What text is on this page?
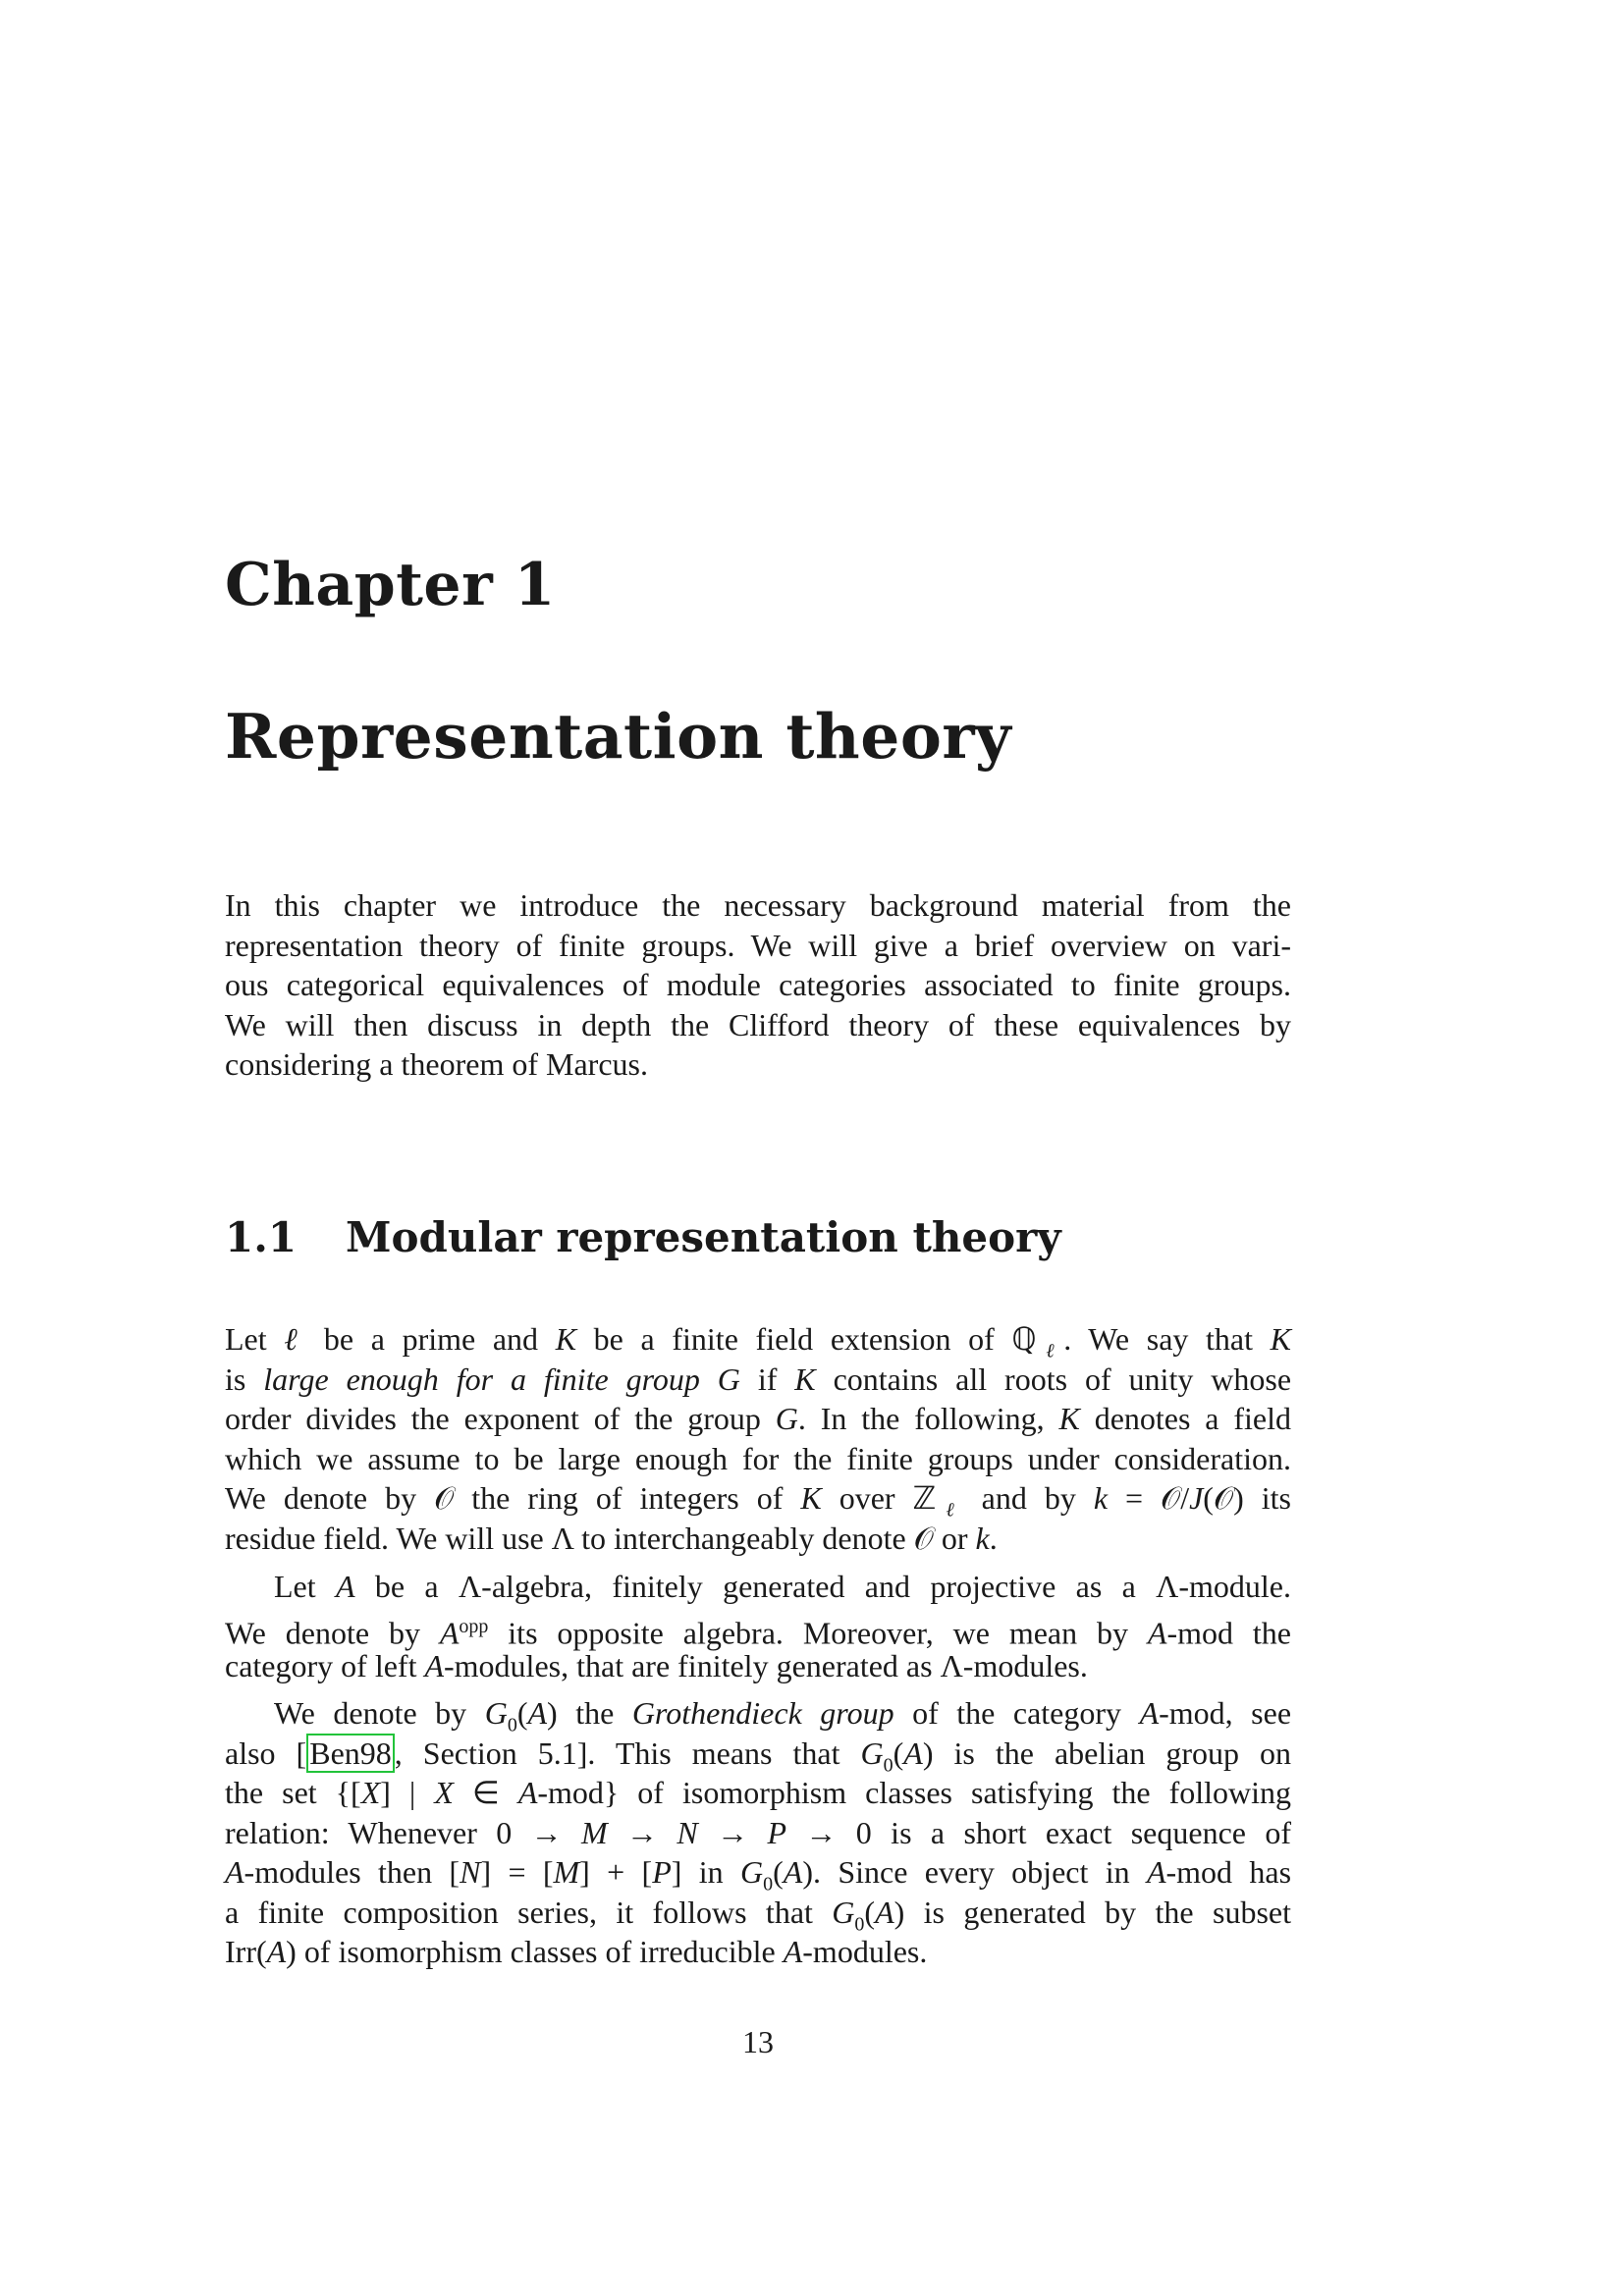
Chapter 1
Representation theory
In this chapter we introduce the necessary background material from the
representation theory of finite groups. We will give a brief overview on vari-
ous categorical equivalences of module categories associated to finite groups.
We will then discuss in depth the Clifford theory of these equivalences by
considering a theorem of Marcus.
1.1 Modular representation theory
Let ℓ be a prime and K be a finite field extension of ℚ$_\ell$. We say that K
is large enough for a finite group G if K contains all roots of unity whose
order divides the exponent of the group G. In the following, K denotes a field
which we assume to be large enough for the finite groups under consideration.
We denote by 𝒪 the ring of integers of K over ℤ$_\ell$ and by k = 𝒪/J(𝒪) its
residue field. We will use Λ to interchangeably denote 𝒪 or k.
Let A be a Λ-algebra, finitely generated and projective as a Λ-module.
We denote by $A^{opp}$ its opposite algebra. Moreover, we mean by A-mod the
category of left A-modules, that are finitely generated as Λ-modules.
We denote by $G_0(A)$ the Grothendieck group of the category A-mod, see
also [Ben98, Section 5.1]. This means that $G_0(A)$ is the abelian group on
the set {[X] | X ∈ A-mod} of isomorphism classes satisfying the following
relation: Whenever 0 → M → N → P → 0 is a short exact sequence of
A-modules then [N] = [M] + [P] in $G_0(A)$. Since every object in A-mod has
a finite composition series, it follows that $G_0(A)$ is generated by the subset
Irr(A) of isomorphism classes of irreducible A-modules.
13
